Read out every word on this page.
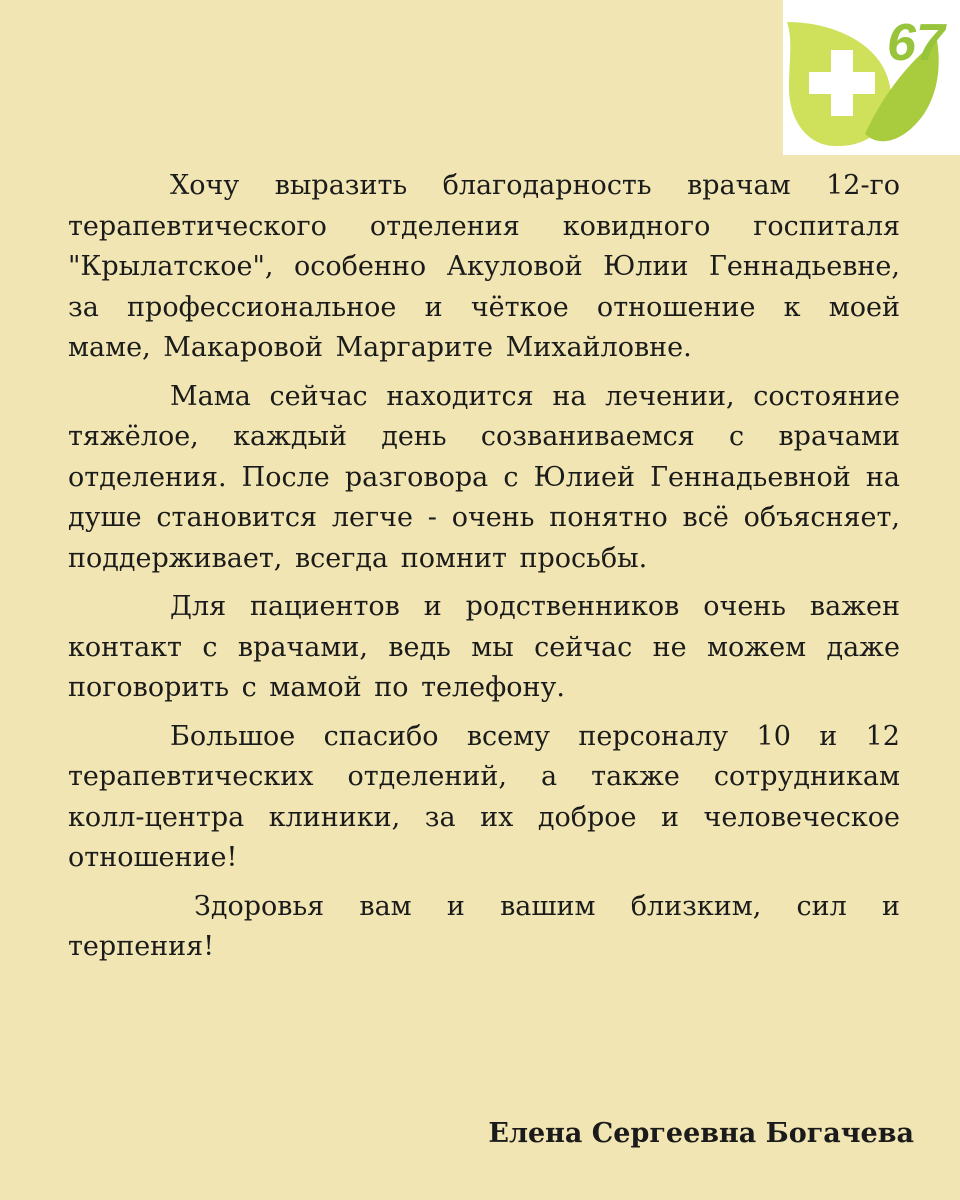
67

Хочу выразить благодарность врачам 12-го терапевтического отделения ковидного госпиталя "Крылатское", особенно Акуловой Юлии Геннадьевне, за профессиональное и чёткое отношение к моей маме, Макаровой Маргарите Михайловне.

Мама сейчас находится на лечении, состояние тяжёлое, каждый день созваниваемся с врачами отделения. После разговора с Юлией Геннадьевной на душе становится легче - очень понятно всё объясняет, поддерживает, всегда помнит просьбы.

Для пациентов и родственников очень важен контакт с врачами, ведь мы сейчас не можем даже поговорить с мамой по телефону.

Большое спасибо всему персоналу 10 и 12 терапевтических отделений, а также сотрудникам колл-центра клиники, за их доброе и человеческое отношение!

Здоровья вам и вашим близким, сил и терпения!

Елена Сергеевна Богачева
